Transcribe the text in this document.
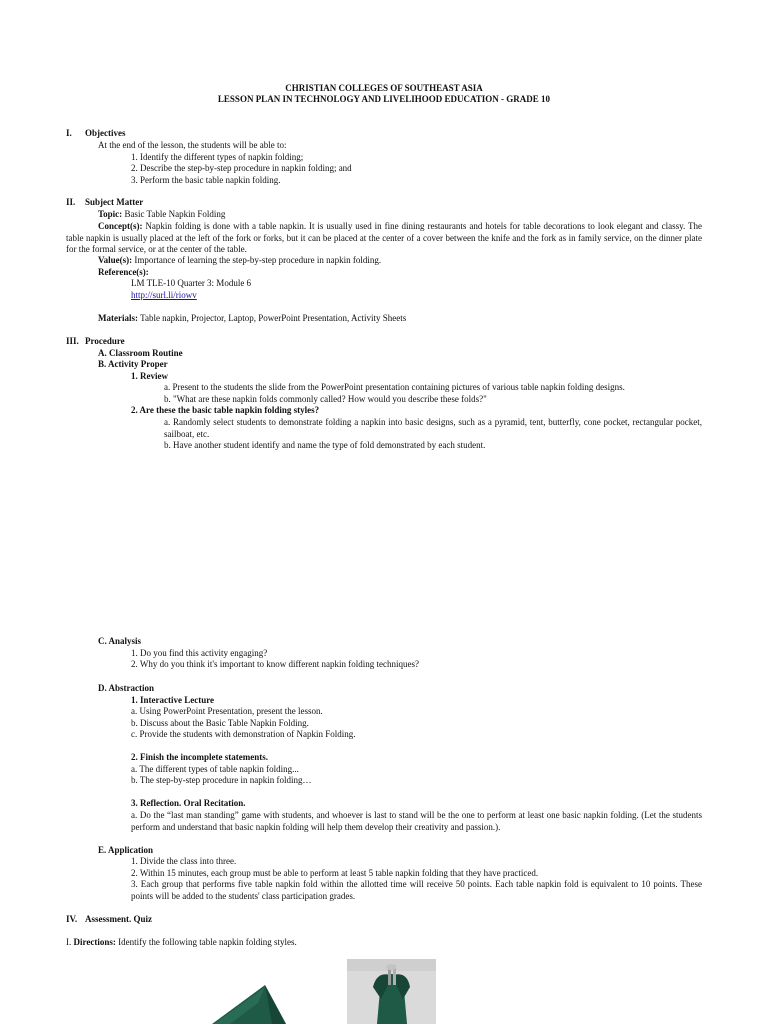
CHRISTIAN COLLEGES OF SOUTHEAST ASIA
LESSON PLAN IN TECHNOLOGY AND LIVELIHOOD EDUCATION - GRADE 10
I. Objectives
At the end of the lesson, the students will be able to:
1. Identify the different types of napkin folding;
2. Describe the step-by-step procedure in napkin folding; and
3. Perform the basic table napkin folding.
II. Subject Matter
Topic: Basic Table Napkin Folding
Concept(s): Napkin folding is done with a table napkin. It is usually used in fine dining restaurants and hotels for table decorations to look elegant and classy. The table napkin is usually placed at the left of the fork or forks, but it can be placed at the center of a cover between the knife and the fork as in family service, on the dinner plate for the formal service, or at the center of the table.
Value(s): Importance of learning the step-by-step procedure in napkin folding.
Reference(s):
LM TLE-10 Quarter 3: Module 6
http://surl.li/riowv
Materials: Table napkin, Projector, Laptop, PowerPoint Presentation, Activity Sheets
III. Procedure
A. Classroom Routine
B. Activity Proper
1. Review
a. Present to the students the slide from the PowerPoint presentation containing pictures of various table napkin folding designs.
b. "What are these napkin folds commonly called? How would you describe these folds?"
2. Are these the basic table napkin folding styles?
a. Randomly select students to demonstrate folding a napkin into basic designs, such as a pyramid, tent, butterfly, cone pocket, rectangular pocket, sailboat, etc.
b. Have another student identify and name the type of fold demonstrated by each student.
C. Analysis
1. Do you find this activity engaging?
2. Why do you think it's important to know different napkin folding techniques?
D. Abstraction
1. Interactive Lecture
a. Using PowerPoint Presentation, present the lesson.
b. Discuss about the Basic Table Napkin Folding.
c. Provide the students with demonstration of Napkin Folding.
2. Finish the incomplete statements.
a. The different types of table napkin folding...
b. The step-by-step procedure in napkin folding…
3. Reflection. Oral Recitation.
a. Do the “last man standing” game with students, and whoever is last to stand will be the one to perform at least one basic napkin folding. (Let the students perform and understand that basic napkin folding will help them develop their creativity and passion.).
E. Application
1. Divide the class into three.
2. Within 15 minutes, each group must be able to perform at least 5 table napkin folding that they have practiced.
3. Each group that performs five table napkin fold within the allotted time will receive 50 points. Each table napkin fold is equivalent to 10 points. These points will be added to the students' class participation grades.
IV. Assessment. Quiz
I. Directions: Identify the following table napkin folding styles.
